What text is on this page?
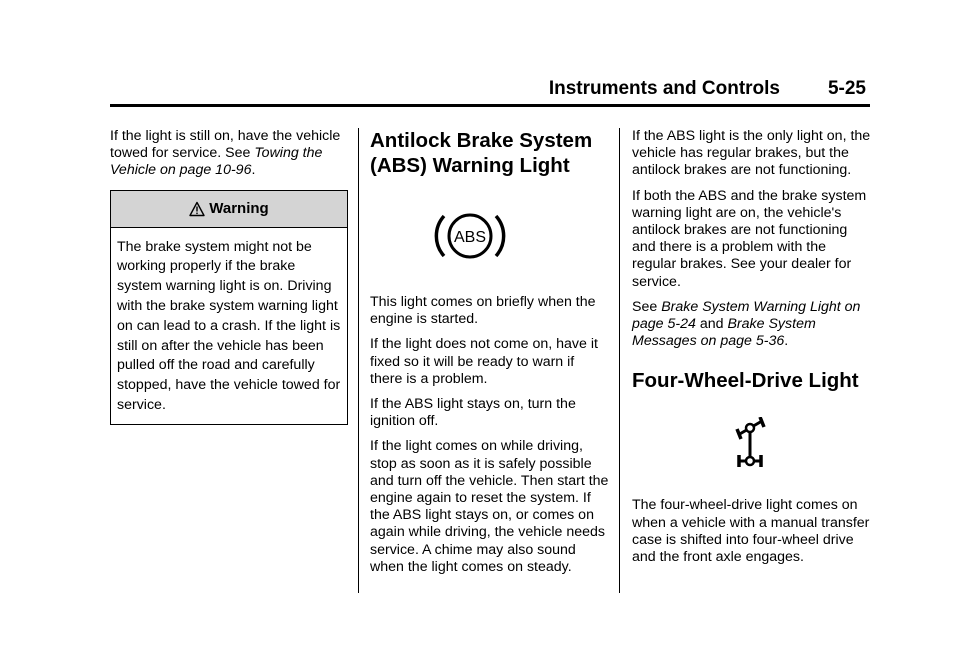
Instruments and Controls	5-25

If the light is still on, have the vehicle towed for service. See Towing the Vehicle on page 10-96.

Warning
The brake system might not be working properly if the brake system warning light is on. Driving with the brake system warning light on can lead to a crash. If the light is still on after the vehicle has been pulled off the road and carefully stopped, have the vehicle towed for service.
Antilock Brake System (ABS) Warning Light
ABS

This light comes on briefly when the engine is started.

If the light does not come on, have it fixed so it will be ready to warn if there is a problem.

If the ABS light stays on, turn the ignition off.

If the light comes on while driving, stop as soon as it is safely possible and turn off the vehicle. Then start the engine again to reset the system. If the ABS light stays on, or comes on again while driving, the vehicle needs service. A chime may also sound when the light comes on steady.

If the ABS light is the only light on, the vehicle has regular brakes, but the antilock brakes are not functioning.

If both the ABS and the brake system warning light are on, the vehicle's antilock brakes are not functioning and there is a problem with the regular brakes. See your dealer for service.

See Brake System Warning Light on page 5-24 and Brake System Messages on page 5-36.

Four-Wheel-Drive Light

The four-wheel-drive light comes on when a vehicle with a manual transfer case is shifted into four-wheel drive and the front axle engages.
